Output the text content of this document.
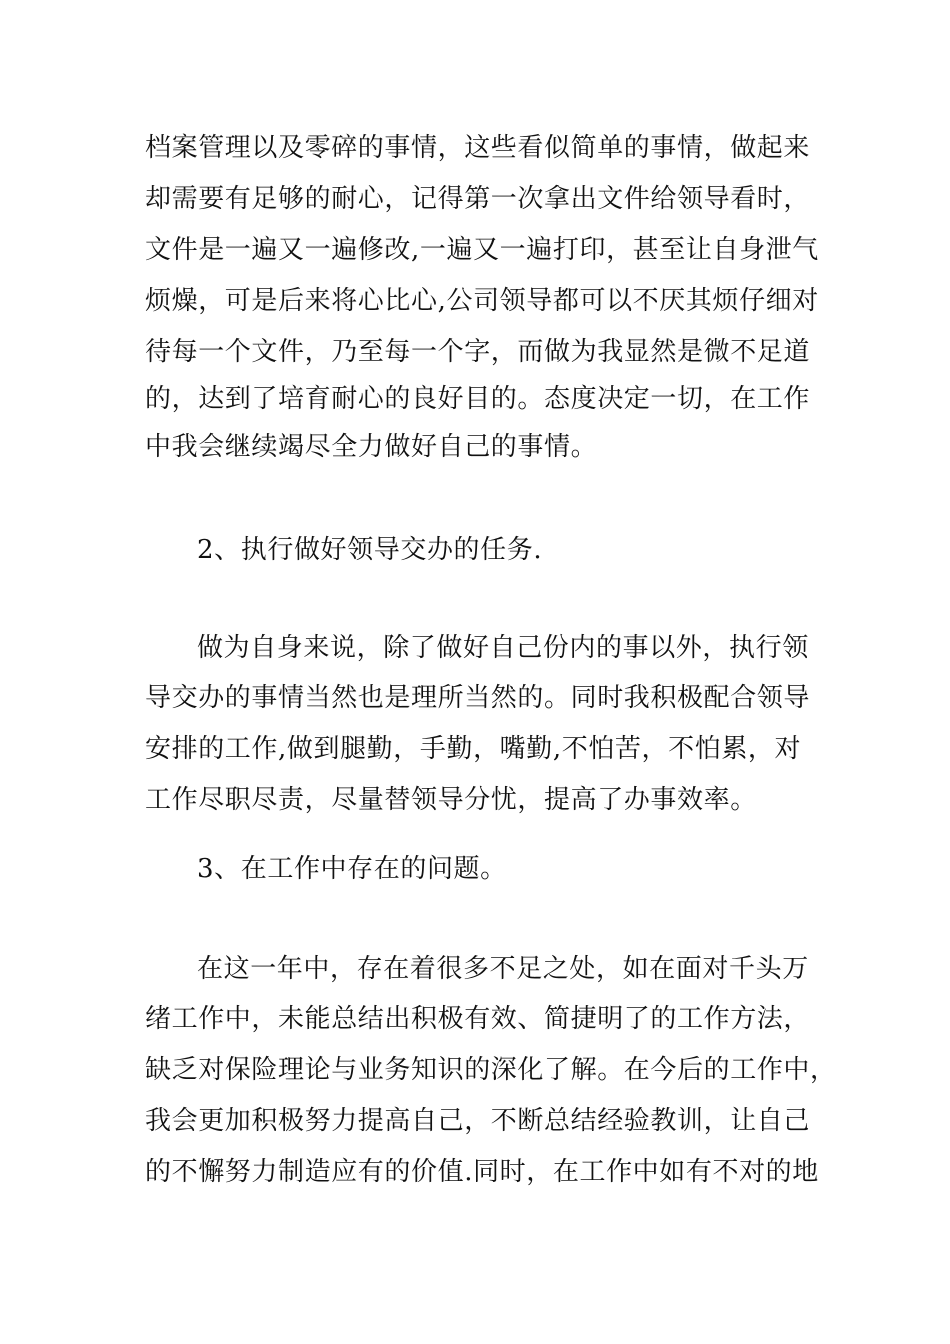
档案管理以及零碎的事情，这些看似简单的事情，做起来
却需要有足够的耐心，记得第一次拿出文件给领导看时，
文件是一遍又一遍修改,一遍又一遍打印，甚至让自身泄气
烦燥，可是后来将心比心,公司领导都可以不厌其烦仔细对
待每一个文件，乃至每一个字，而做为我显然是微不足道
的，达到了培育耐心的良好目的。态度决定一切，在工作
中我会继续竭尽全力做好自己的事情。
2、执行做好领导交办的任务.
做为自身来说，除了做好自己份内的事以外，执行领
导交办的事情当然也是理所当然的。同时我积极配合领导
安排的工作,做到腿勤，手勤，嘴勤,不怕苦，不怕累，对
工作尽职尽责，尽量替领导分忧，提高了办事效率。
3、在工作中存在的问题。
在这一年中，存在着很多不足之处，如在面对千头万
绪工作中，未能总结出积极有效、简捷明了的工作方法，
缺乏对保险理论与业务知识的深化了解。在今后的工作中，
我会更加积极努力提高自己，不断总结经验教训，让自己
的不懈努力制造应有的价值.同时，在工作中如有不对的地
